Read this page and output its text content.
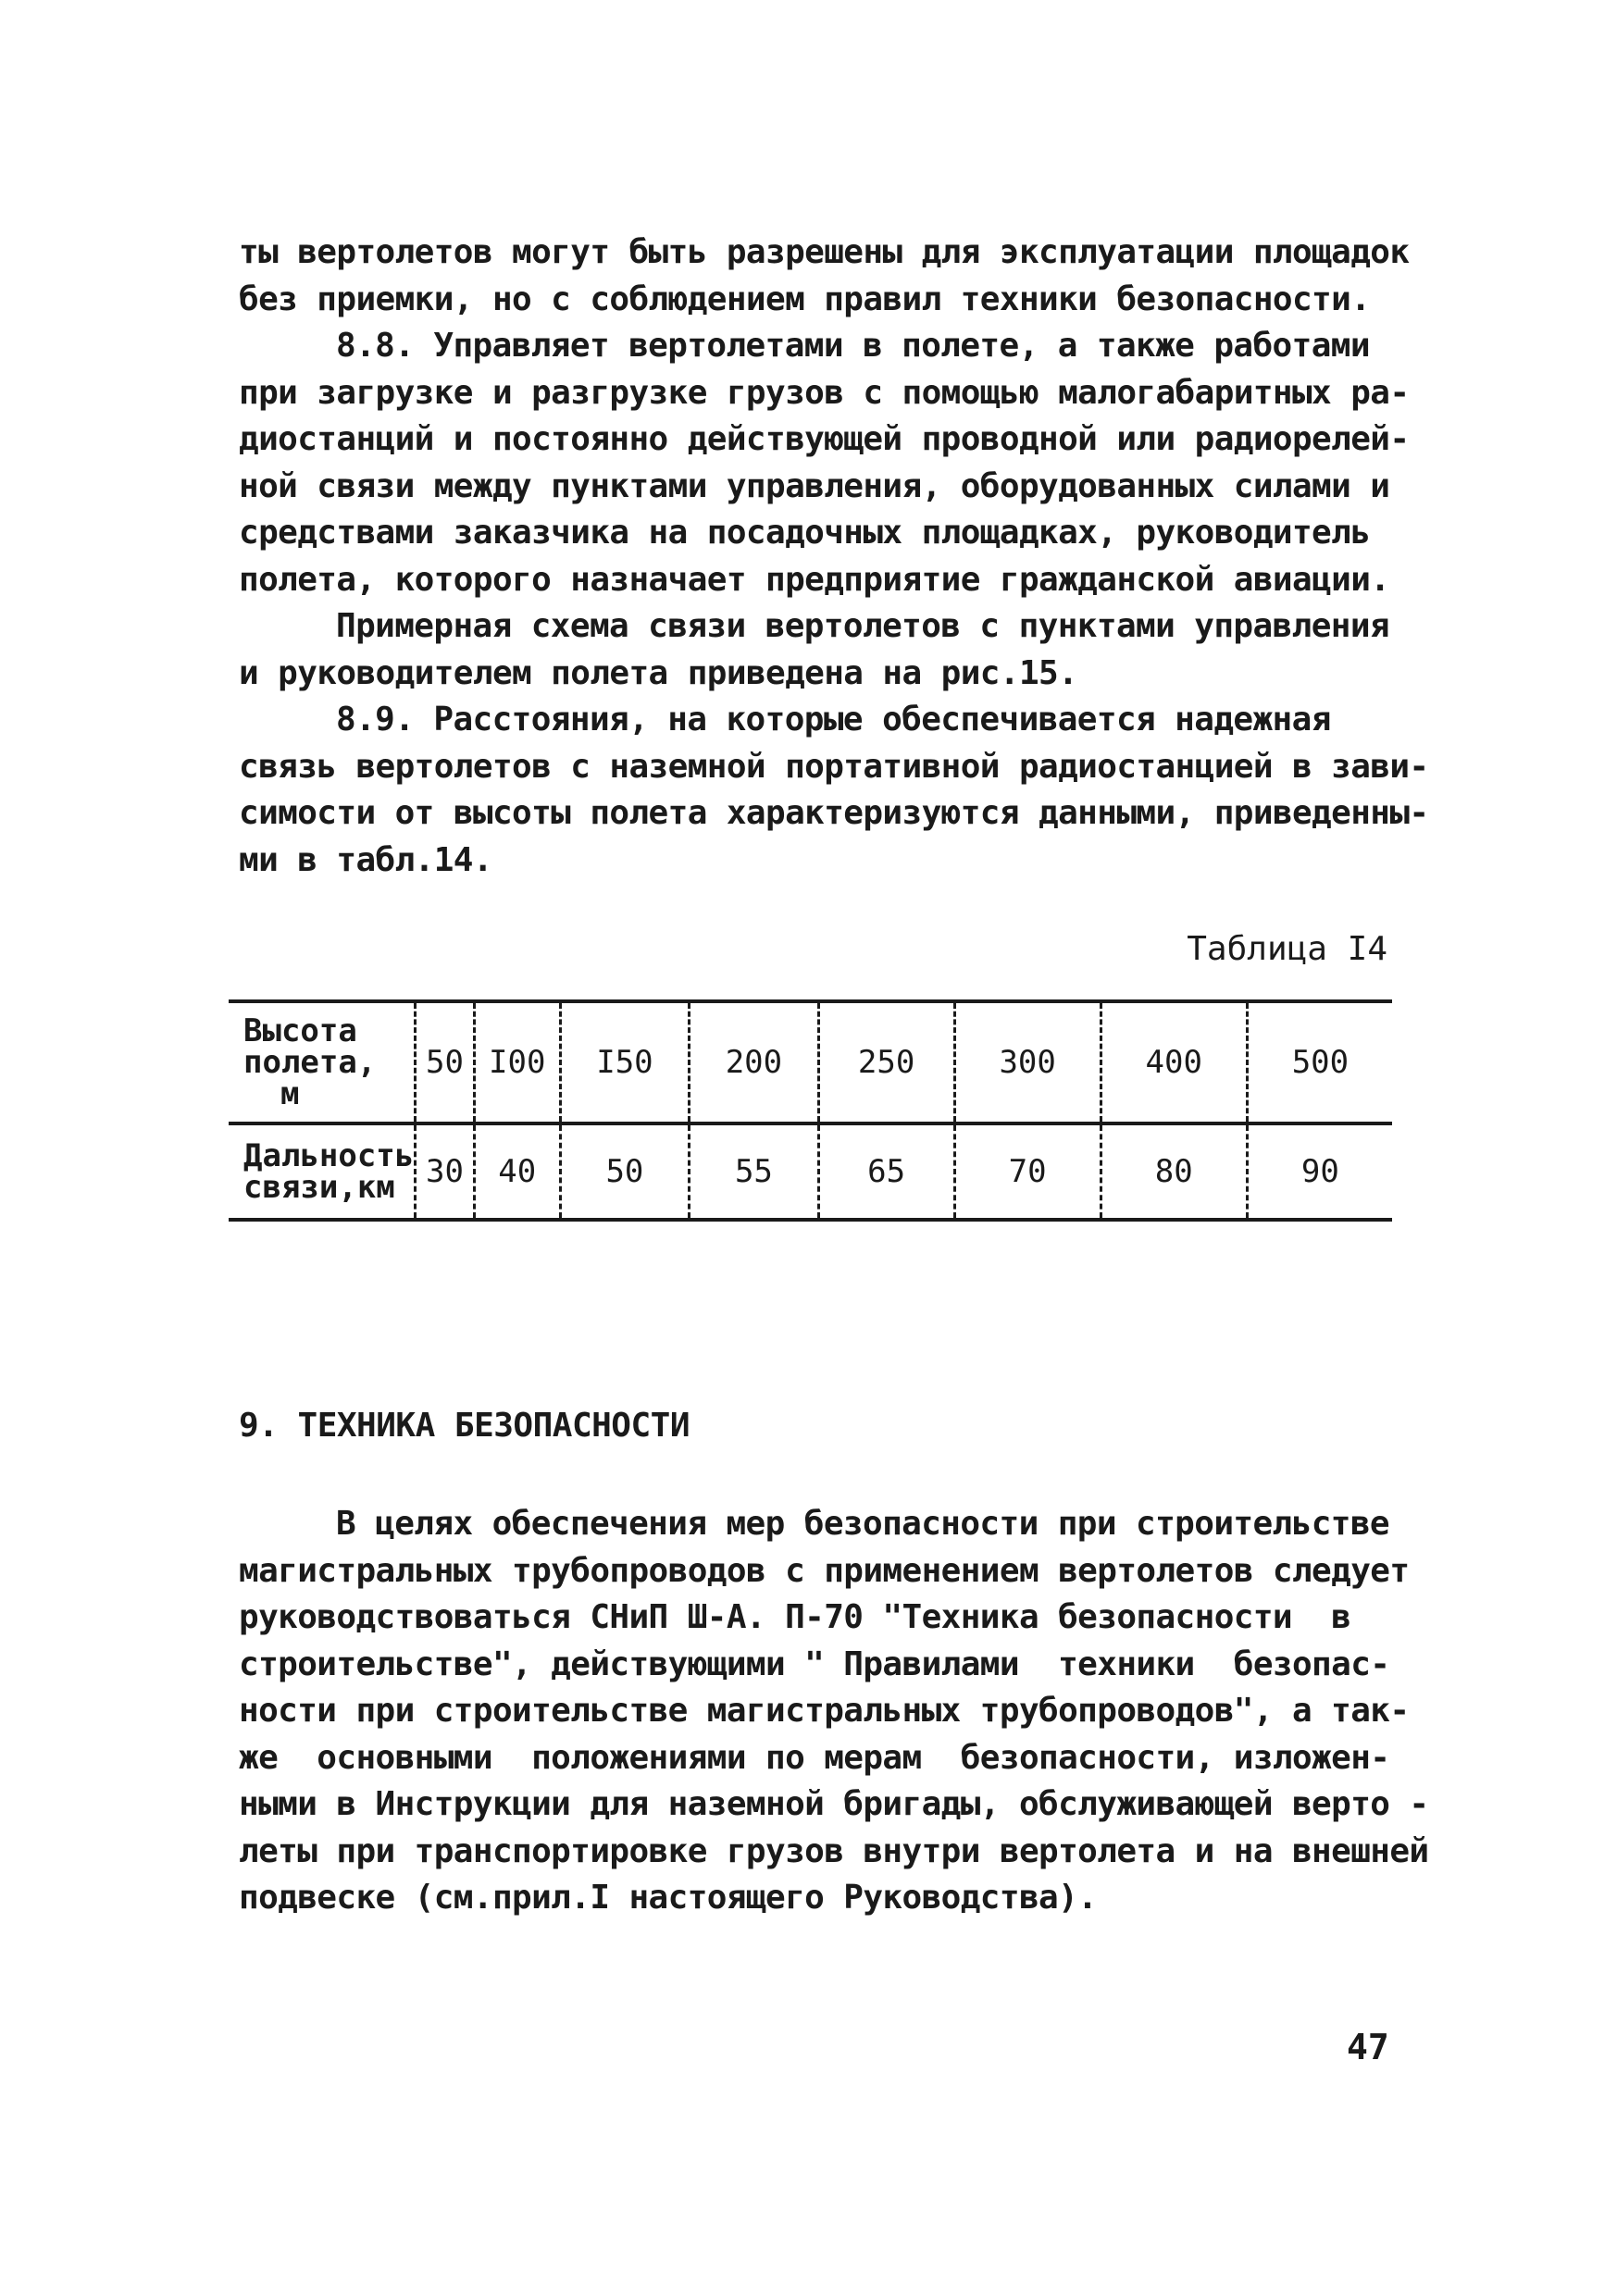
ты вертолетов могут быть разрешены для эксплуатации площадок
без приемки, но с соблюдением правил техники безопасности.
8.8. Управляет вертолетами в полете, а также работами
при загрузке и разгрузке грузов с помощью малогабаритных ра-
диостанций и постоянно действующей проводной или радиорелей-
ной связи между пунктами управления, оборудованных силами и
средствами заказчика на посадочных площадках, руководитель
полета, которого назначает предприятие гражданской авиации.
Примерная схема связи вертолетов с пунктами управления
и руководителем полета приведена на рис.15.
8.9. Расстояния, на которые обеспечивается надежная
связь вертолетов с наземной портативной радиостанцией в зави-
симости от высоты полета характеризуются данными, приведенны-
ми в табл.14.
Таблица I4
Высота
полета,
м	50	I00	I50	200	250	300	400	500

Дальность
связи,км	30	40	50	55	65	70	80	90
9. ТЕХНИКА БЕЗОПАСНОСТИ
В целях обеспечения мер безопасности при строительстве
магистральных трубопроводов с применением вертолетов следует
руководствоваться СНиП Ш-А. П-70 "Техника безопасности  в
строительстве", действующими " Правилами  техники  безопас-
ности при строительстве магистральных трубопроводов", а так-
же  основными  положениями по мерам  безопасности, изложен-
ными в Инструкции для наземной бригады, обслуживающей верто -
леты при транспортировке грузов внутри вертолета и на внешней
подвеске (см.прил.I настоящего Руководства).
47
